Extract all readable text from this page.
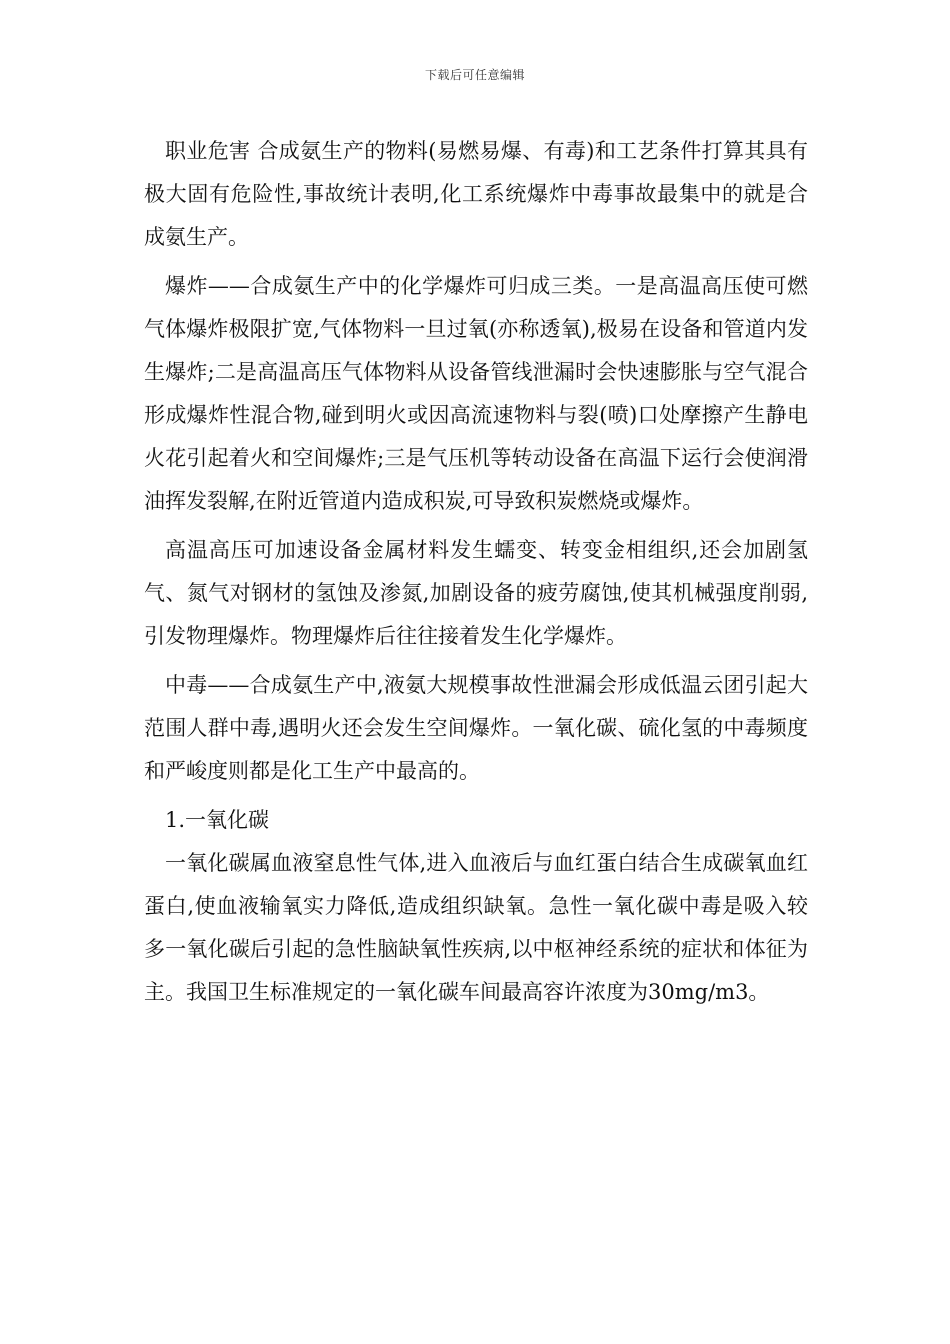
下载后可任意编辑

职业危害 合成氨生产的物料(易燃易爆、有毒)和工艺条件打算其具有极大固有危险性,事故统计表明,化工系统爆炸中毒事故最集中的就是合成氨生产。

爆炸——合成氨生产中的化学爆炸可归成三类。一是高温高压使可燃气体爆炸极限扩宽,气体物料一旦过氧(亦称透氧),极易在设备和管道内发生爆炸;二是高温高压气体物料从设备管线泄漏时会快速膨胀与空气混合形成爆炸性混合物,碰到明火或因高流速物料与裂(喷)口处摩擦产生静电火花引起着火和空间爆炸;三是气压机等转动设备在高温下运行会使润滑油挥发裂解,在附近管道内造成积炭,可导致积炭燃烧或爆炸。

高温高压可加速设备金属材料发生蠕变、转变金相组织,还会加剧氢气、氮气对钢材的氢蚀及渗氮,加剧设备的疲劳腐蚀,使其机械强度削弱,引发物理爆炸。物理爆炸后往往接着发生化学爆炸。

中毒——合成氨生产中,液氨大规模事故性泄漏会形成低温云团引起大范围人群中毒,遇明火还会发生空间爆炸。一氧化碳、硫化氢的中毒频度和严峻度则都是化工生产中最高的。

1.一氧化碳

一氧化碳属血液窒息性气体,进入血液后与血红蛋白结合生成碳氧血红蛋白,使血液输氧实力降低,造成组织缺氧。急性一氧化碳中毒是吸入较多一氧化碳后引起的急性脑缺氧性疾病,以中枢神经系统的症状和体征为主。我国卫生标准规定的一氧化碳车间最高容许浓度为30mg/m3。
